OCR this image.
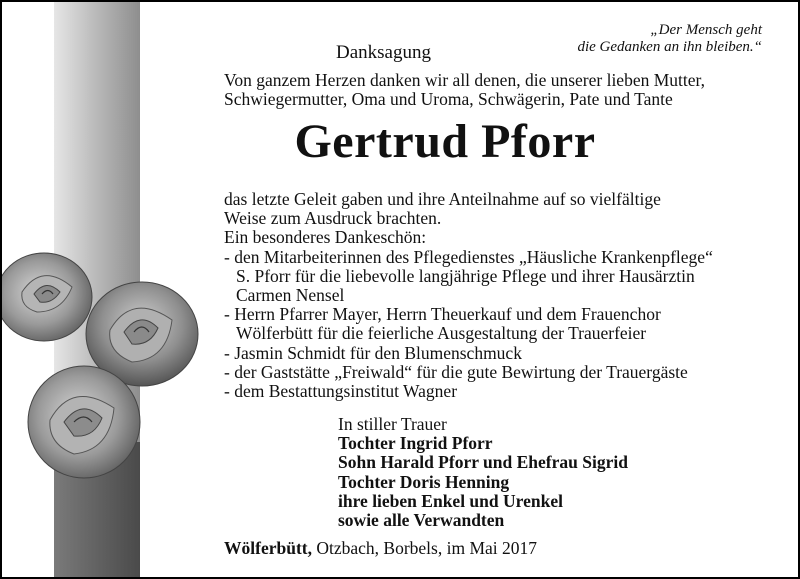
„Der Mensch geht
die Gedanken an ihn bleiben.“
Danksagung
Von ganzem Herzen danken wir all denen, die unserer lieben Mutter,
Schwiegermutter, Oma und Uroma, Schwägerin, Pate und Tante
Gertrud Pforr
das letzte Geleit gaben und ihre Anteilnahme auf so vielfältige
Weise zum Ausdruck brachten.
Ein besonderes Dankeschön:
- den Mitarbeiterinnen des Pflegedienstes „Häusliche Krankenpflege“
S. Pforr für die liebevolle langjährige Pflege und ihrer Hausärztin
Carmen Nensel
- Herrn Pfarrer Mayer, Herrn Theuerkauf und dem Frauenchor
Wölferbütt für die feierliche Ausgestaltung der Trauerfeier
- Jasmin Schmidt für den Blumenschmuck
- der Gaststätte „Freiwald“ für die gute Bewirtung der Trauergäste
- dem Bestattungsinstitut Wagner
In stiller Trauer
Tochter Ingrid Pforr
Sohn Harald Pforr und Ehefrau Sigrid
Tochter Doris Henning
ihre lieben Enkel und Urenkel
sowie alle Verwandten
Wölferbütt, Otzbach, Borbels, im Mai 2017
